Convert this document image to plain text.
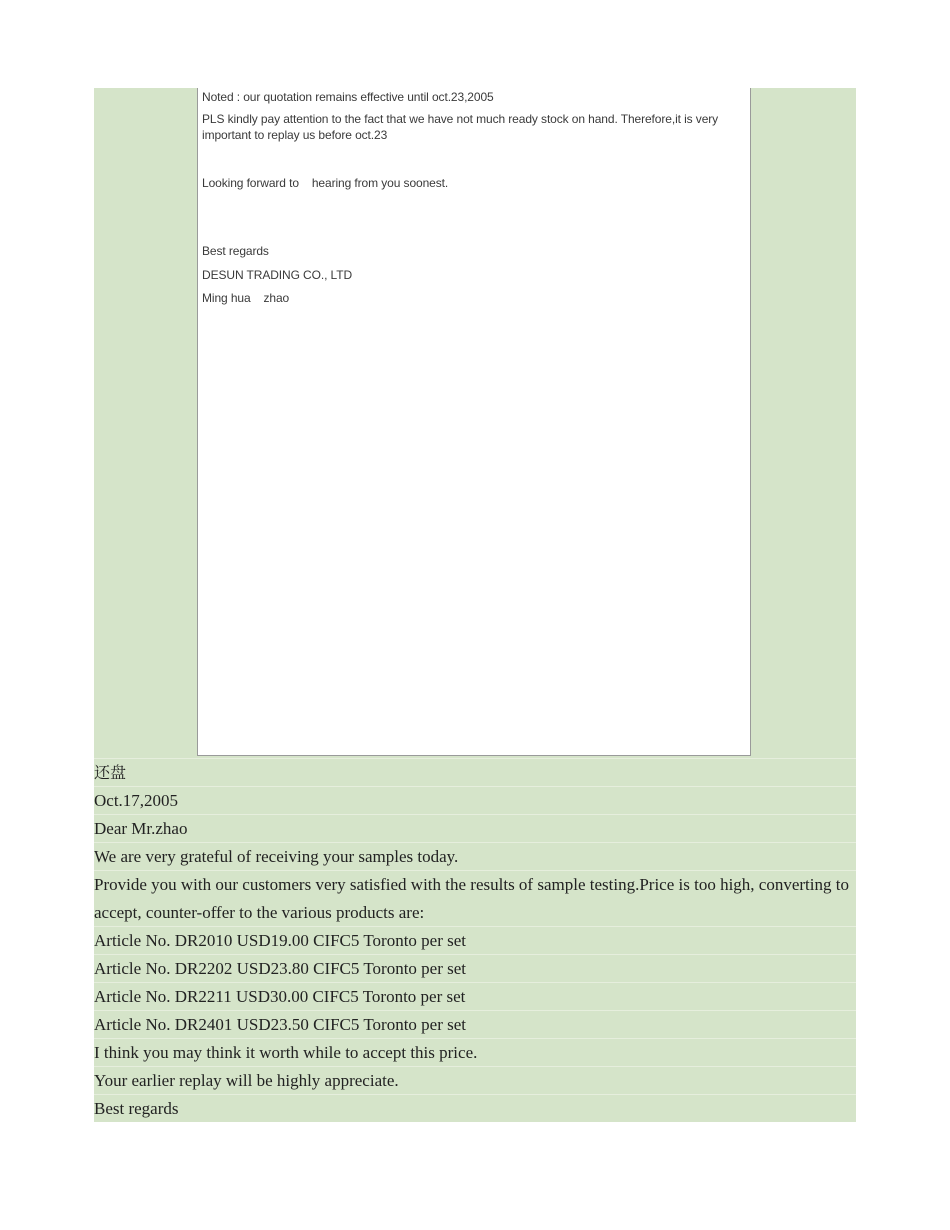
Noted : our quotation remains effective until oct.23,2005
PLS kindly pay attention to the fact that we have not much ready stock on hand. Therefore,it is very important to replay us before oct.23
Looking forward to    hearing from you soonest.
Best regards
DESUN TRADING CO., LTD
Ming hua    zhao
还盘
Oct.17,2005
Dear Mr.zhao
We are very grateful of receiving your samples today.
Provide you with our customers very satisfied with the results of sample testing.Price is too high, converting to accept, counter-offer to the various products are:
Article No. DR2010 USD19.00 CIFC5 Toronto per set
Article No. DR2202 USD23.80 CIFC5 Toronto per set
Article No. DR2211 USD30.00 CIFC5 Toronto per set
Article No. DR2401 USD23.50 CIFC5 Toronto per set
I think you may think it worth while to accept this price.
Your earlier replay will be highly appreciate.
Best regards
